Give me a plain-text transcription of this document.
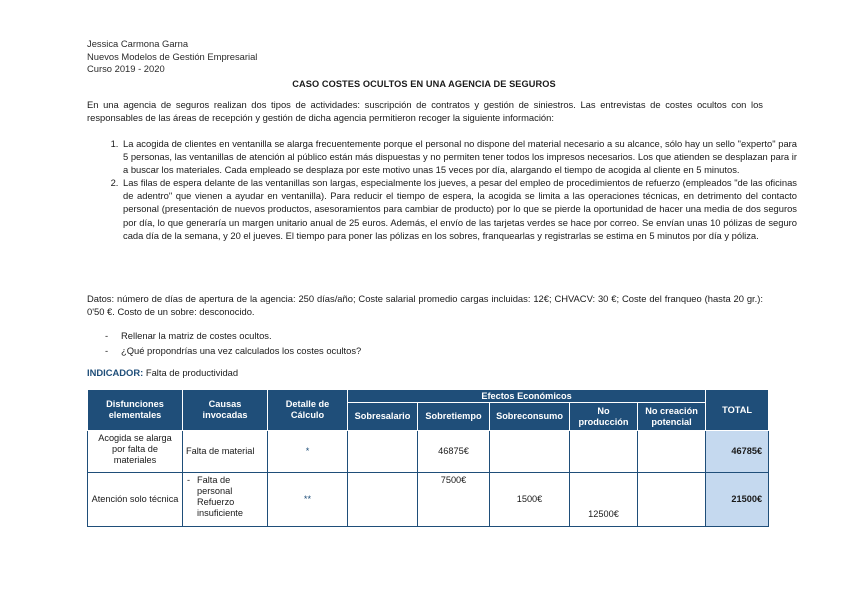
Jessica Carmona Garna
Nuevos Modelos de Gestión Empresarial
Curso 2019 - 2020
CASO COSTES OCULTOS EN UNA AGENCIA DE SEGUROS
En una agencia de seguros realizan dos tipos de actividades: suscripción de contratos y gestión de siniestros. Las entrevistas de costes ocultos con los responsables de las áreas de recepción y gestión de dicha agencia permitieron recoger la siguiente información:
1. La acogida de clientes en ventanilla se alarga frecuentemente porque el personal no dispone del material necesario a su alcance, sólo hay un sello "experto" para 5 personas, las ventanillas de atención al público están más dispuestas y no permiten tener todos los impresos necesarios. Los que atienden se desplazan para ir a buscar los materiales. Cada empleado se desplaza por este motivo unas 15 veces por día, alargando el tiempo de acogida al cliente en 5 minutos.
2. Las filas de espera delante de las ventanillas son largas, especialmente los jueves, a pesar del empleo de procedimientos de refuerzo (empleados "de las oficinas de adentro" que vienen a ayudar en ventanilla). Para reducir el tiempo de espera, la acogida se limita a las operaciones técnicas, en detrimento del contacto personal (presentación de nuevos productos, asesoramientos para cambiar de producto) por lo que se pierde la oportunidad de hacer una media de dos seguros por día, lo que generaría un margen unitario anual de 25 euros. Además, el envío de las tarjetas verdes se hace por correo. Se envían unas 10 pólizas de seguro cada día de la semana, y 20 el jueves. El tiempo para poner las pólizas en los sobres, franquearlas y registrarlas se estima en 5 minutos por día y póliza.
Datos: número de días de apertura de la agencia: 250 días/año; Coste salarial promedio cargas incluidas: 12€; CHVACV: 30 €; Coste del franqueo (hasta 20 gr.): 0'50 €. Costo de un sobre: desconocido.
- Rellenar la matriz de costes ocultos.
- ¿Qué propondrías una vez calculados los costes ocultos?
INDICADOR: Falta de productividad
Disfunciones elementales	Causas invocadas	Detalle de Cálculo	Efectos Económicos					TOTAL
			Sobresalario	Sobretiempo	Sobreconsumo	No producción	No creación potencial	
Acogida se alarga por falta de materiales	Falta de material	*		46875€				46785€
Atención solo técnica	- Falta de personal Refuerzo insuficiente	**		7500€	1500€	12500€		21500€
